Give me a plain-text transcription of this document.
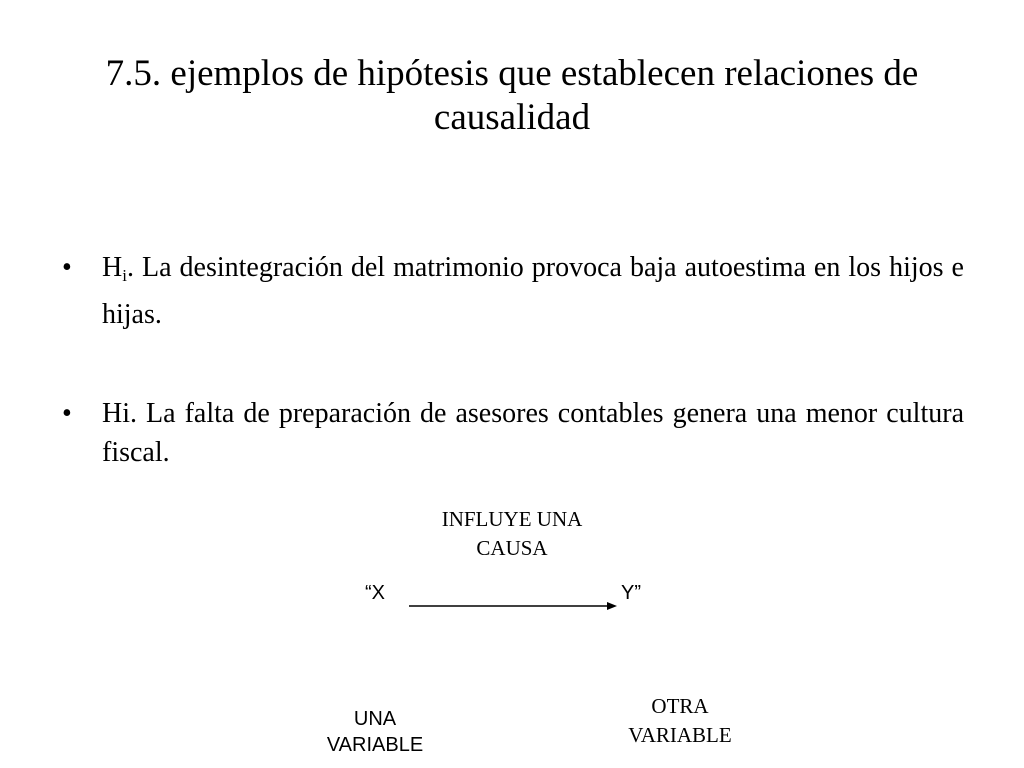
7.5. ejemplos de hipótesis que establecen relaciones de causalidad
• $H_i$. La desintegración del matrimonio provoca baja autoestima en los hijos e hijas.
• Hi. La falta de preparación de asesores contables genera una menor cultura fiscal.
INFLUYE UNA
CAUSA
“X	Y”
UNA
VARIABLE
OTRA
VARIABLE
